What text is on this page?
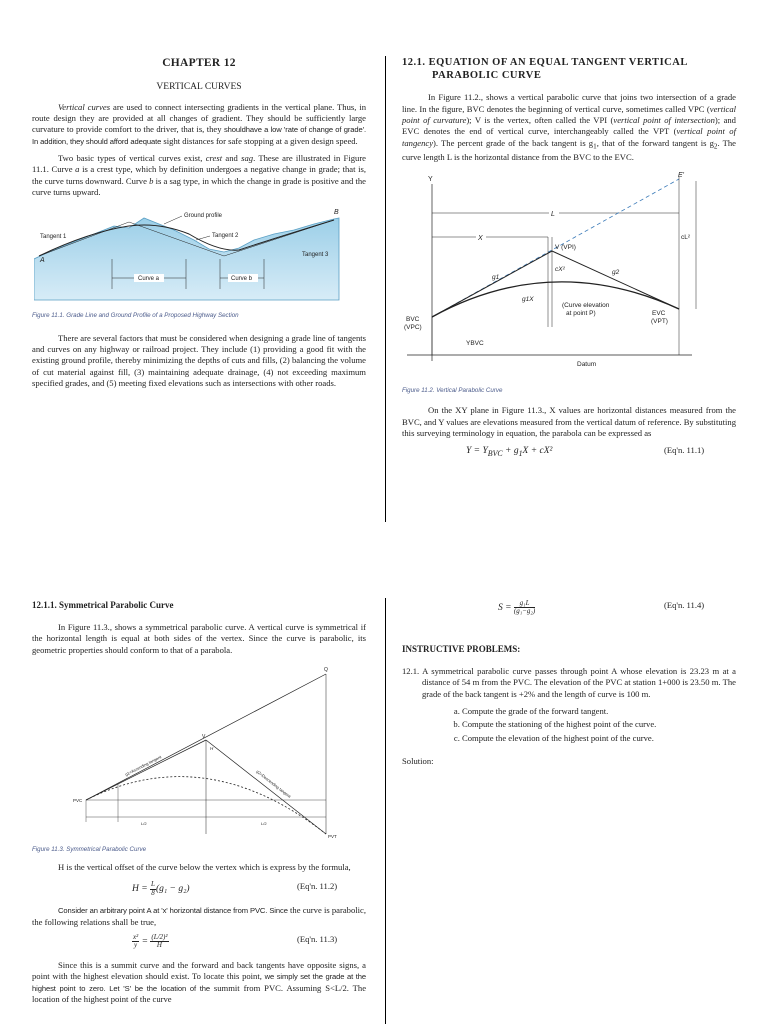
CHAPTER 12
VERTICAL CURVES

Vertical curves are used to connect intersecting gradients in the vertical plane. Thus, in route design they are provided at all changes of gradient. They should be sufficiently large curvature to provide comfort to the driver, that is, they shouldhave a low 'rate of change of grade'. In addition, they should afford adequate sight distances for safe stopping at a given design speed.

Two basic types of vertical curves exist, crest and sag. These are illustrated in Figure 11.1. Curve a is a crest type, which by definition undergoes a negative change in grade; that is, the curve turns downward. Curve b is a sag type, in which the change in grade is positive and the curve turns upward.

Ground profile
Tangent 1	Tangent 2
Tangent 3
A
B
Curve a	Curve b
Figure 11.1. Grade Line and Ground Profile of a Proposed Highway Section

There are several factors that must be considered when designing a grade line of tangents and curves on any highway or railroad project. They include (1) providing a good fit with the existing ground profile, thereby minimizing the depths of cuts and fills, (2) balancing the volume of cut material against fill, (3) maintaining adequate drainage, (4) not exceeding maximum specified grades, and (5) meeting fixed elevations such as intersections with other roads.

12.1. EQUATION OF AN EQUAL TANGENT VERTICAL PARABOLIC CURVE

In Figure 11.2., shows a vertical parabolic curve that joins two intersection of a grade line. In the figure, BVC denotes the beginning of vertical curve, sometimes called VPC (vertical point of curvature); V is the vertex, often called the VPI (vertical point of intersection); and EVC denotes the end of vertical curve, interchangeably called the VPT (vertical point of tangency). The percent grade of the back tangent is $g_1$, that of the forward tangent is $g_2$. The curve length L is the horizontal distance from the BVC to the EVC.

Y
Datum
L
X
E'
cL²
V (VPI)
g1
g2
cX²
g1X
(Curve elevation
at point P)
BVC
(VPC)
EVC
(VPT)
YBVC
Figure 11.2. Vertical Parabolic Curve

On the XY plane in Figure 11.3., X values are horizontal distances measured from the BVC, and Y values are elevations measured from the vertical datum of reference. By substituting this surveying terminology in equation, the parabola can be expressed as

$Y = Y_{BVC} + g_1X + cX^2$	(Eq'n. 11.1)
12.1.1. Symmetrical Parabolic Curve

In Figure 11.3., shows a symmetrical parabolic curve. A vertical curve is symmetrical if the horizontal length is equal at both sides of the vertex. Since the curve is parabolic, its geometric properties should conform to that of a parabola.

PVC
PVT
V
Q
H
g1=Ascending tangent
g2=Descending tangent
L/2	L/2
Figure 11.3. Symmetrical Parabolic Curve

H is the vertical offset of the curve below the vertex which is express by the formula,

$H = \frac{L}{8} (g_1 - g_2)$	(Eq'n. 11.2)

Consider an arbitrary point A at 'x' horizontal distance from PVC. Since the curve is parabolic, the following relations shall be true,

$\frac{\text{x²}}{y} = \frac{\text{(L/2)²}}{H}$	(Eq'n. 11.3)

Since this is a summit curve and the forward and back tangents have opposite signs, a point with the highest elevation should exist. To locate this point, we simply set the grade at the highest point to zero. Let 'S' be the location of the summit from PVC. Assuming S<L/2. The location of the highest point of the curve

$S = \frac{\text{g₁L}}{\text{(g₁−g₂)}}$	(Eq'n. 11.4)
INSTRUCTIVE PROBLEMS:

12.1. A symmetrical parabolic curve passes through point A whose elevation is 23.23 m at a distance of 54 m from the PVC. The elevation of the PVC at station 1+000 is 23.50 m. The grade of the back tangent is +2% and the length of curve is 100 m.

a. Compute the grade of the forward tangent.
b. Compute the stationing of the highest point of the curve.
c. Compute the elevation of the highest point of the curve.
Solution:
